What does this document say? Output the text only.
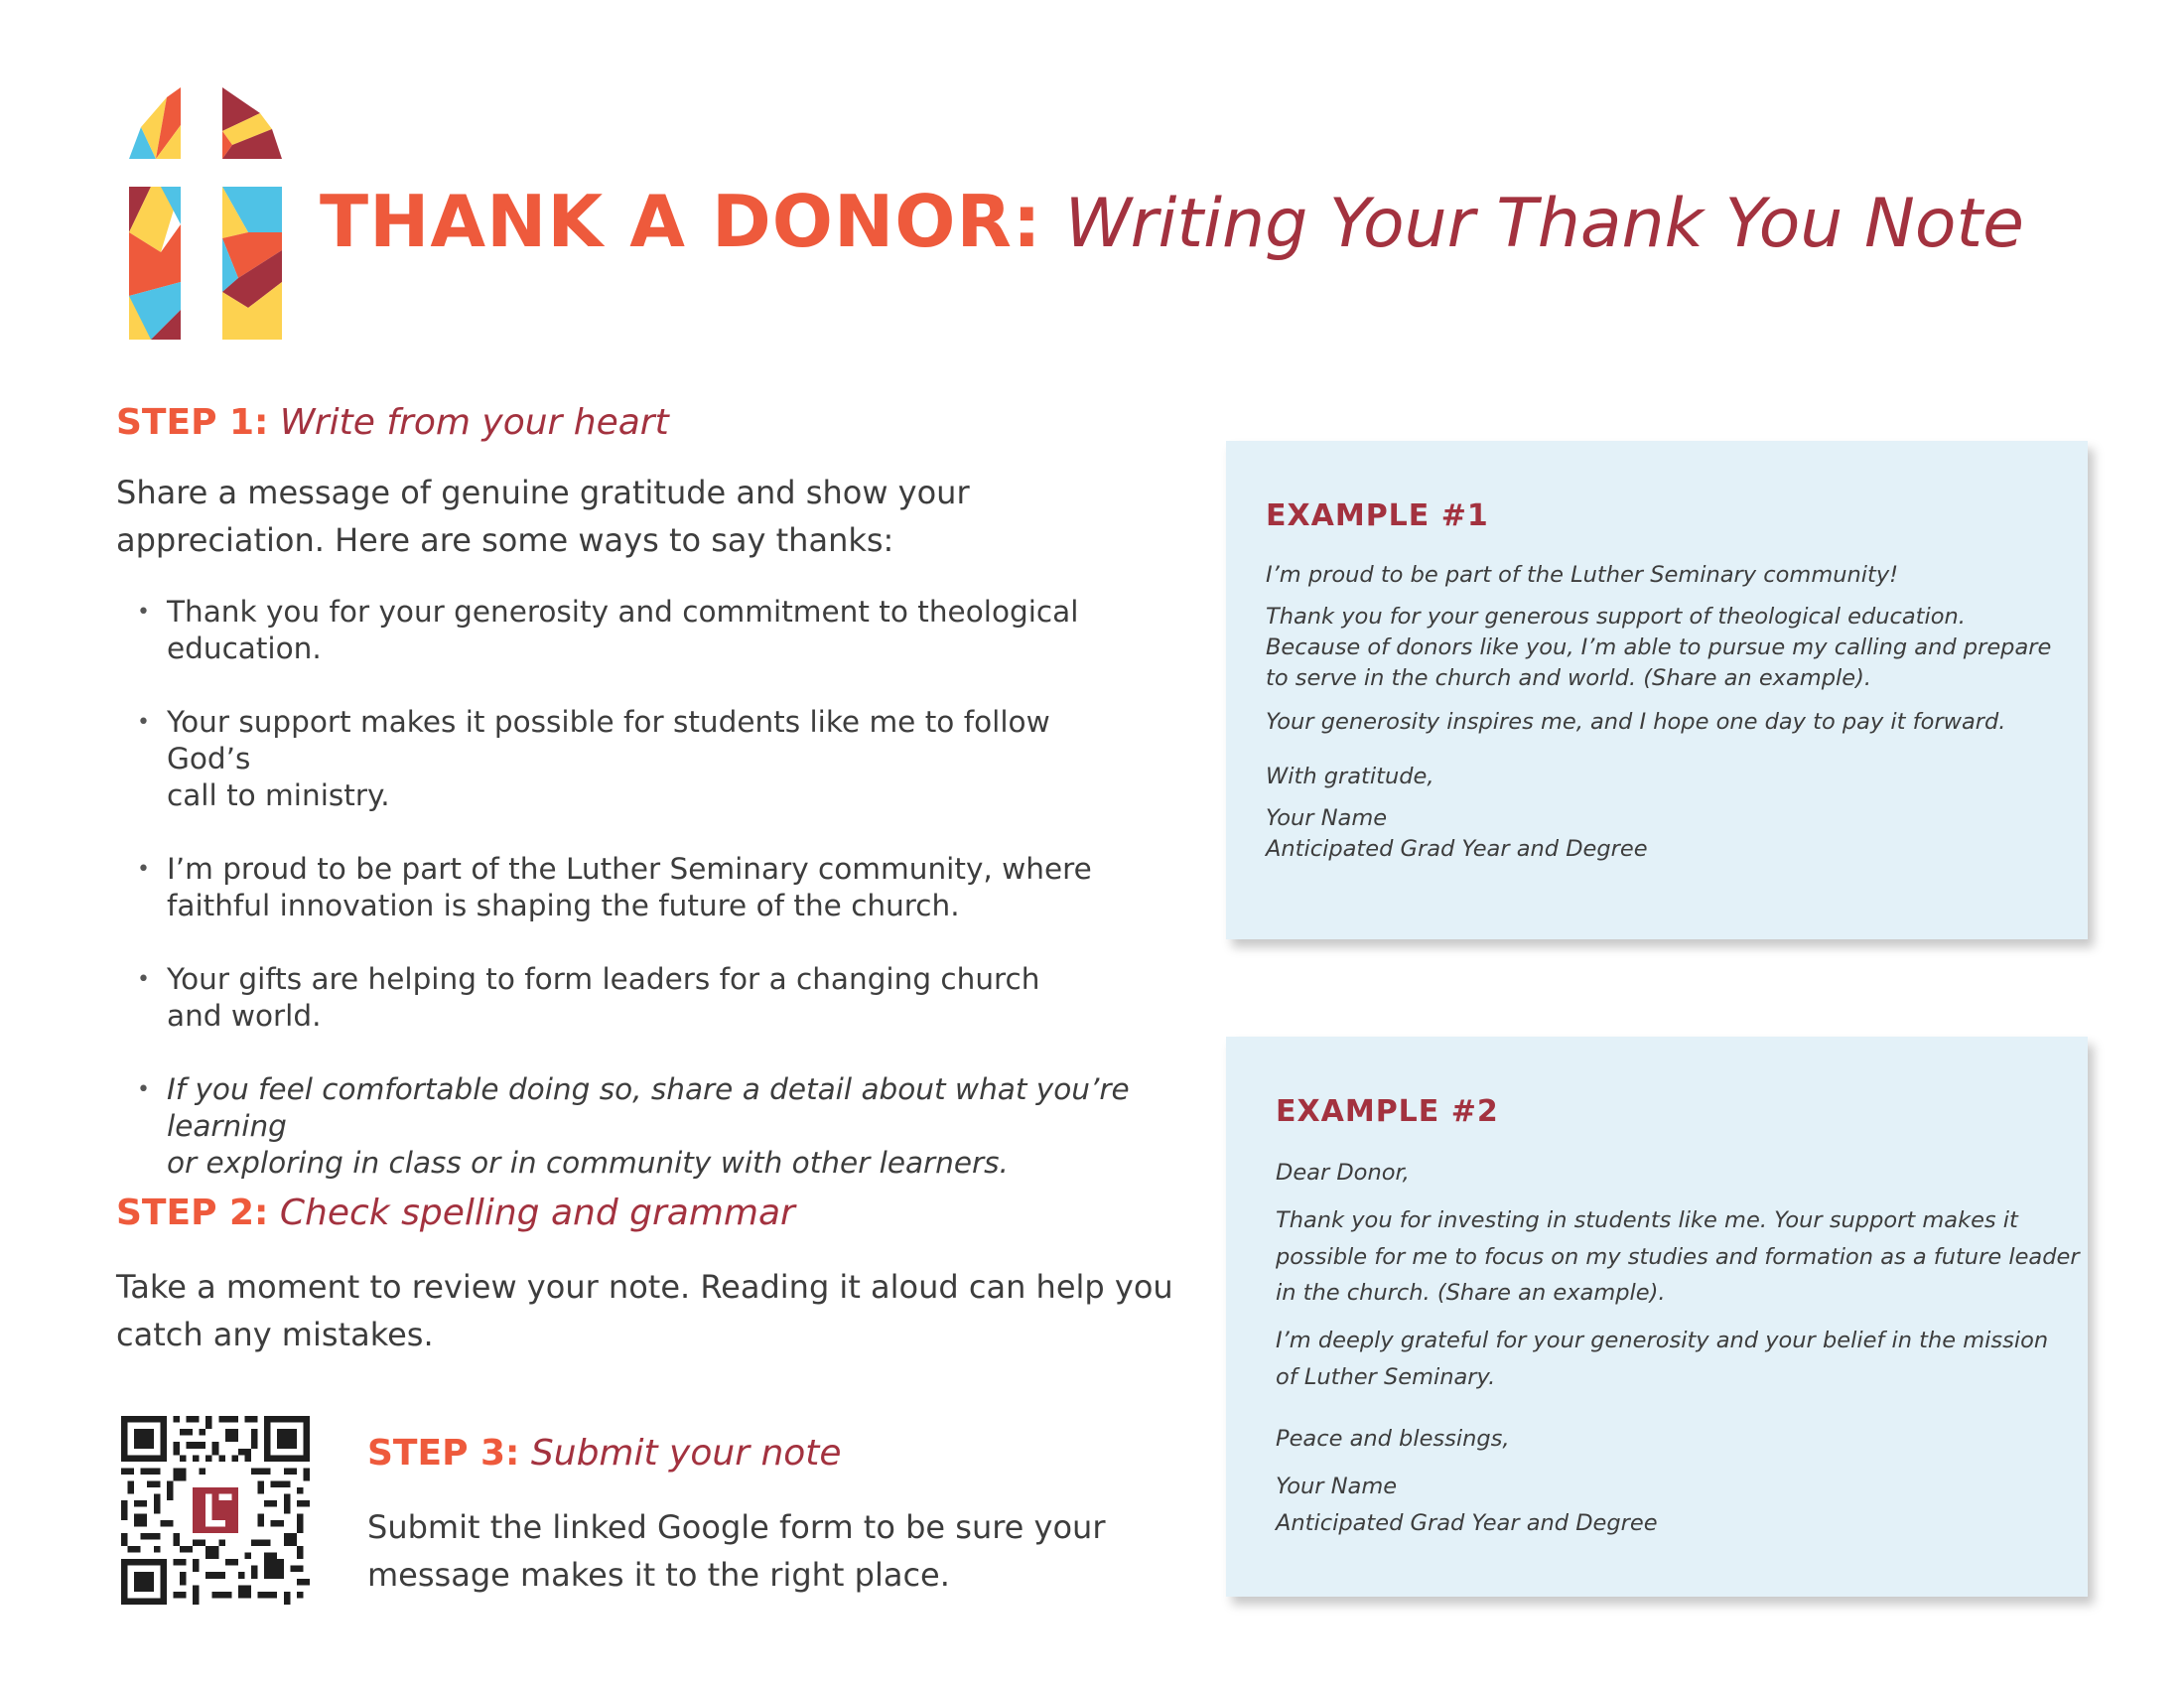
THANK A DONOR: Writing Your Thank You Note
STEP 1: Write from your heart

Share a message of genuine gratitude and show your
appreciation. Here are some ways to say thanks:

• Thank you for your generosity and commitment to theological
education.
• Your support makes it possible for students like me to follow God’s
call to ministry.
• I’m proud to be part of the Luther Seminary community, where
faithful innovation is shaping the future of the church.
• Your gifts are helping to form leaders for a changing church
and world.
• If you feel comfortable doing so, share a detail about what you’re learning
or exploring in class or in community with other learners.
STEP 2: Check spelling and grammar

Take a moment to review your note. Reading it aloud can help you
catch any mistakes.

STEP 3: Submit your note

Submit the linked Google form to be sure your
message makes it to the right place.

EXAMPLE #1

I’m proud to be part of the Luther Seminary community!

Thank you for your generous support of theological education.

Because of donors like you, I’m able to pursue my calling and prepare

to serve in the church and world. (Share an example).

Your generosity inspires me, and I hope one day to pay it forward.

With gratitude,

Your Name

Anticipated Grad Year and Degree

EXAMPLE #2

Dear Donor,

Thank you for investing in students like me. Your support makes it

possible for me to focus on my studies and formation as a future leader

in the church. (Share an example).

I’m deeply grateful for your generosity and your belief in the mission

of Luther Seminary.

Peace and blessings,

Your Name

Anticipated Grad Year and Degree
